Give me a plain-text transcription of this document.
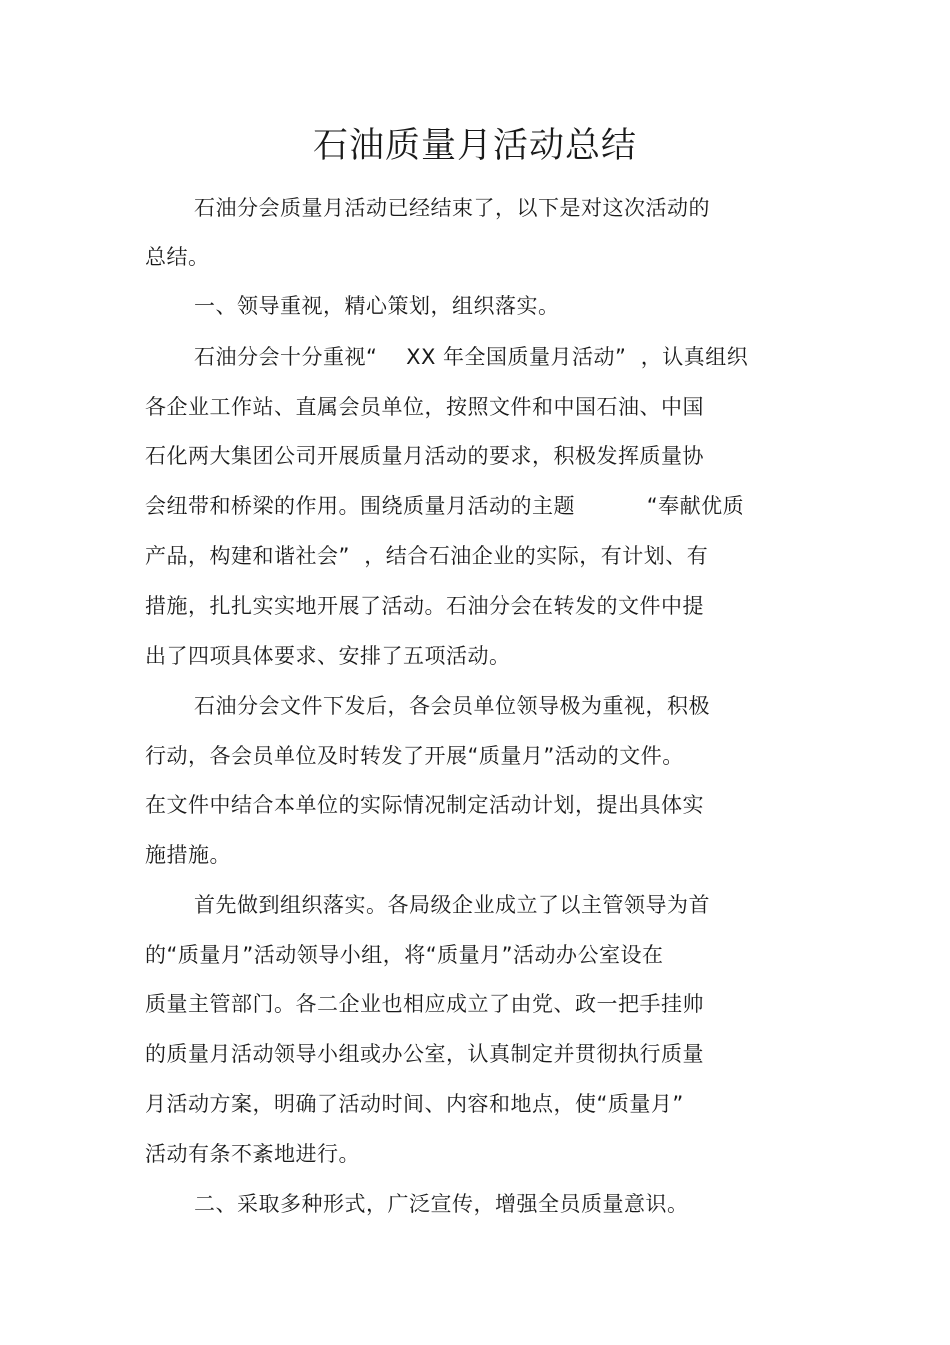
石油质量月活动总结
石油分会质量月活动已经结束了，以下是对这次活动的
总结。
一、领导重视，精心策划，组织落实。
石油分会十分重视“    XX 年全国质量月活动”  ，认真组织
各企业工作站、直属会员单位，按照文件和中国石油、中国
石化两大集团公司开展质量月活动的要求，积极发挥质量协
会纽带和桥梁的作用。围绕质量月活动的主题          “奉献优质
产品，构建和谐社会”  ，结合石油企业的实际，有计划、有
措施，扎扎实实地开展了活动。石油分会在转发的文件中提
出了四项具体要求、安排了五项活动。
石油分会文件下发后，各会员单位领导极为重视，积极
行动，各会员单位及时转发了开展“质量月”活动的文件。
在文件中结合本单位的实际情况制定活动计划，提出具体实
施措施。
首先做到组织落实。各局级企业成立了以主管领导为首
的“质量月”活动领导小组，将“质量月”活动办公室设在
质量主管部门。各二企业也相应成立了由党、政一把手挂帅
的质量月活动领导小组或办公室，认真制定并贯彻执行质量
月活动方案，明确了活动时间、内容和地点，使“质量月”
活动有条不紊地进行。
二、采取多种形式，广泛宣传，增强全员质量意识。
